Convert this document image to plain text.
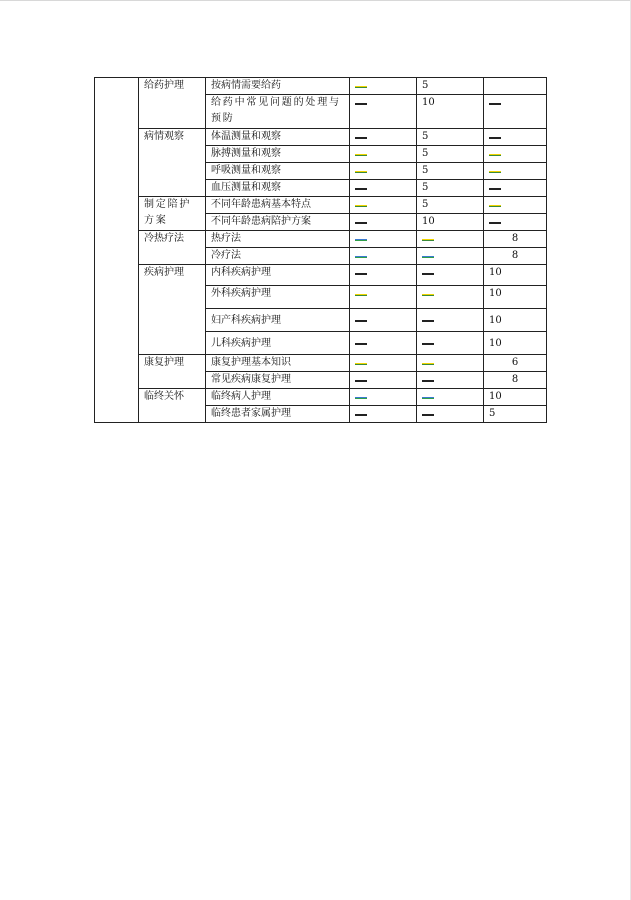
	给药护理	按病情需要给药		5	
		给药中常见问题的处理与预防		10	
	病情观察	体温测量和观察		5	
		脉搏测量和观察		5	
		呼吸测量和观察		5	
		血压测量和观察		5	
	制定陪护方案	不同年龄患病基本特点		5	
		不同年龄患病陪护方案		10	
	冷热疗法	热疗法			8

		冷疗法			8

	疾病护理	内科疾病护理			10

		外科疾病护理			10

		妇产科疾病护理			10

		儿科疾病护理			10

	康复护理	康复护理基本知识			6

		常见疾病康复护理			8

	临终关怀	临终病人护理			10

		临终患者家属护理			5
